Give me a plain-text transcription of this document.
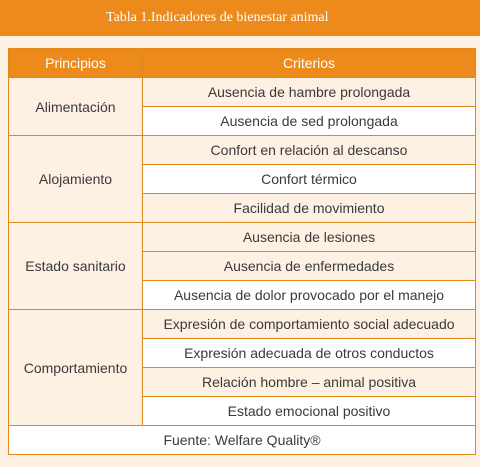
Tabla 1.Indicadores de bienestar animal
Principios	Criterios
Alimentación	Ausencia de hambre prolongada
	Ausencia de sed prolongada
Alojamiento	Confort en relación al descanso
	Confort térmico
	Facilidad de movimiento
Estado sanitario	Ausencia de lesiones
	Ausencia de enfermedades
	Ausencia de dolor provocado por el manejo
Comportamiento	Expresión de comportamiento social adecuado
	Expresión adecuada de otros conductos
	Relación hombre – animal positiva
	Estado emocional positivo
Fuente: Welfare Quality®	
